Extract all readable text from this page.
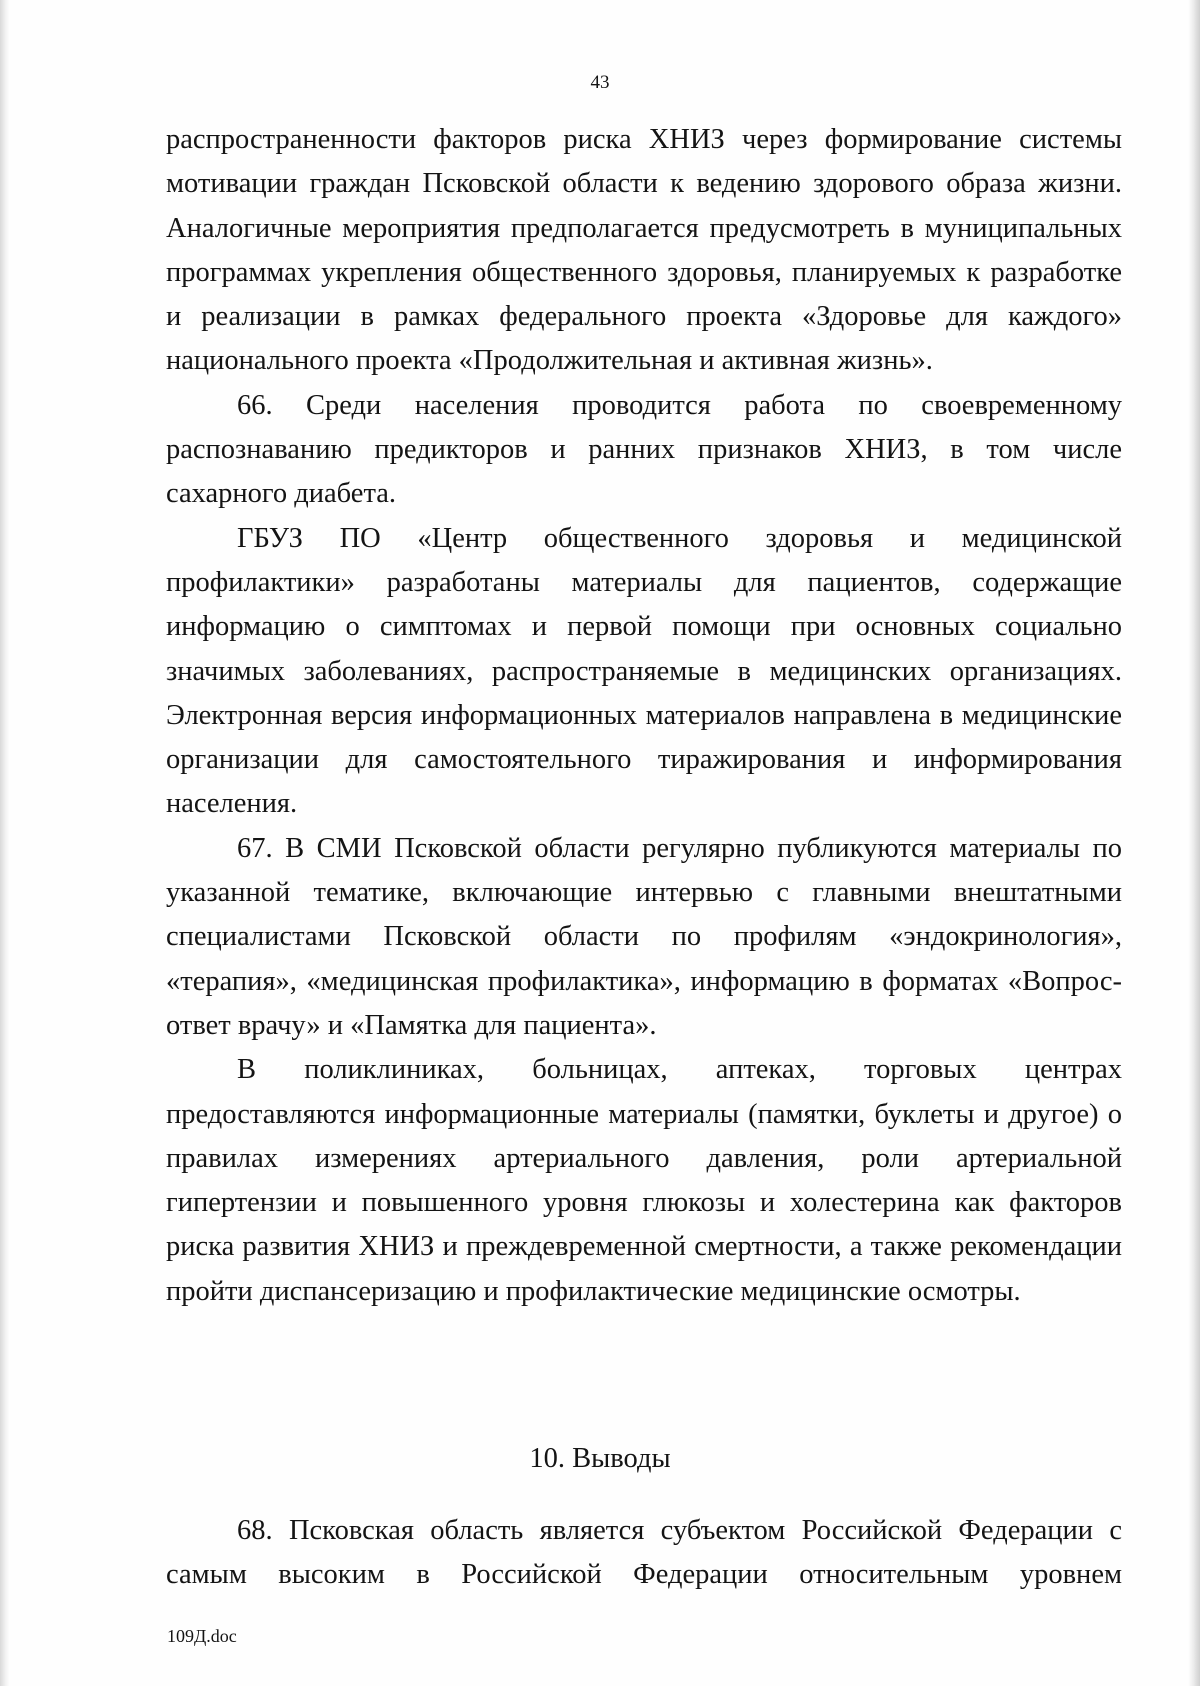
43

распространенности факторов риска ХНИЗ через формирование системы мотивации граждан Псковской области к ведению здорового образа жизни. Аналогичные мероприятия предполагается предусмотреть в муниципальных программах укрепления общественного здоровья, планируемых к разработке и реализации в рамках федерального проекта «Здоровье для каждого» национального проекта «Продолжительная и активная жизнь».

66. Среди населения проводится работа по своевременному распознаванию предикторов и ранних признаков ХНИЗ, в том числе сахарного диабета.

ГБУЗ ПО «Центр общественного здоровья и медицинской профилактики» разработаны материалы для пациентов, содержащие информацию о симптомах и первой помощи при основных социально значимых заболеваниях, распространяемые в медицинских организациях. Электронная версия информационных материалов направлена в медицинские организации для самостоятельного тиражирования и информирования населения.

67. В СМИ Псковской области регулярно публикуются материалы по указанной тематике, включающие интервью с главными внештатными специалистами Псковской области по профилям «эндокринология», «терапия», «медицинская профилактика», информацию в форматах «Вопрос-ответ врачу» и «Памятка для пациента».

В поликлиниках, больницах, аптеках, торговых центрах предоставляются информационные материалы (памятки, буклеты и другое) о правилах измерениях артериального давления, роли артериальной гипертензии и повышенного уровня глюкозы и холестерина как факторов риска развития ХНИЗ и преждевременной смертности, а также рекомендации пройти диспансеризацию и профилактические медицинские осмотры.

10. Выводы

68. Псковская область является субъектом Российской Федерации с самым высоким в Российской Федерации относительным уровнем

109Д.doc
